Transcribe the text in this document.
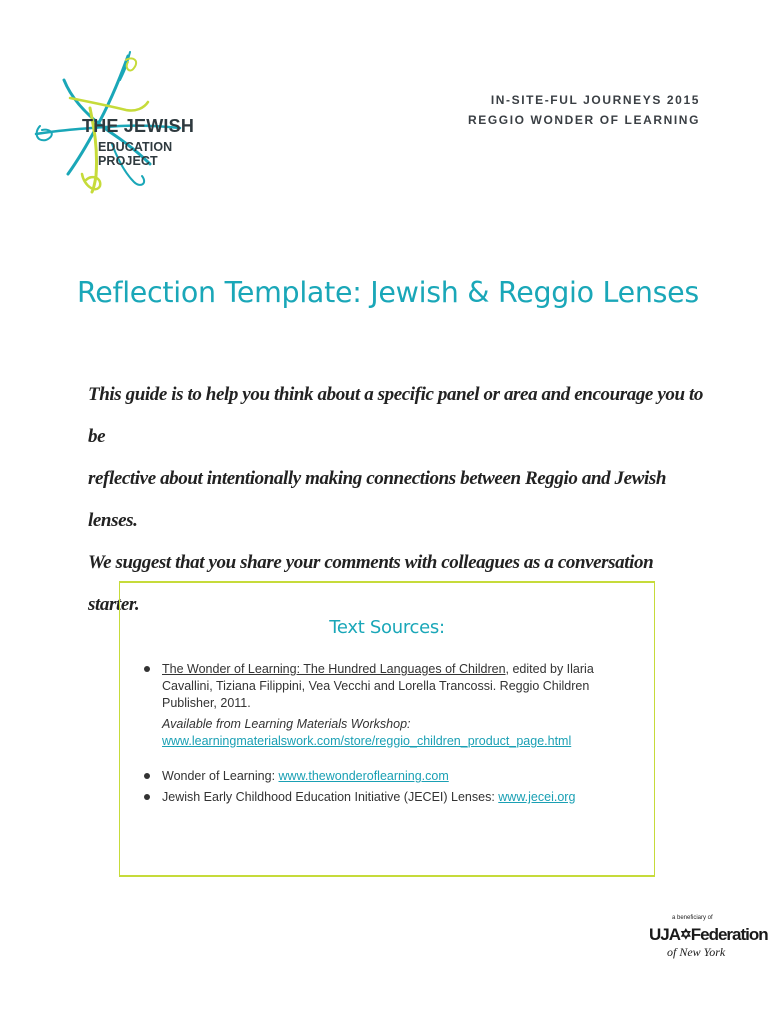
THE JEWISH
EDUCATION PROJECT
IN-SITE-FUL JOURNEYS 2015
REGGIO WONDER OF LEARNING
Reflection Template: Jewish & Reggio Lenses
This guide is to help you think about a specific panel or area and encourage you to be
reflective about intentionally making connections between Reggio and Jewish lenses.
We suggest that you share your comments with colleagues as a conversation starter.
Text Sources:
The Wonder of Learning: The Hundred Languages of Children, edited by Ilaria Cavallini, Tiziana Filippini, Vea Vecchi and Lorella Trancossi. Reggio Children Publisher, 2011.
Available from Learning Materials Workshop:
www.learningmaterialswork.com/store/reggio_children_product_page.html
Wonder of Learning: www.thewonderoflearning.com
Jewish Early Childhood Education Initiative (JECEI) Lenses: www.jecei.org
a beneficiary of
UJA✡Federation
of New York
